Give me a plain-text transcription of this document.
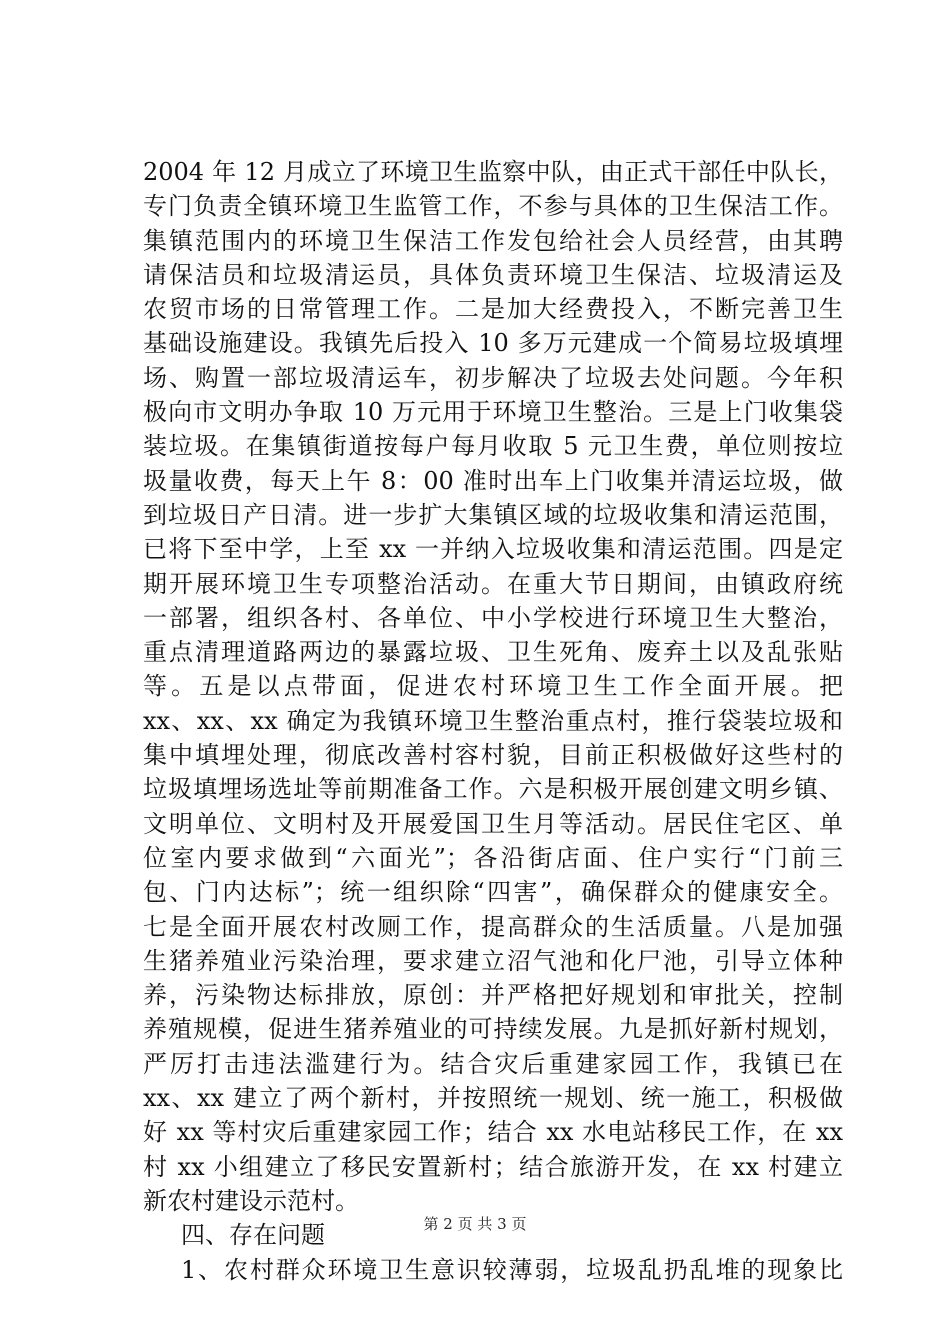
2004 年 12 月成立了环境卫生监察中队，由正式干部任中队长，
专门负责全镇环境卫生监管工作，不参与具体的卫生保洁工作。
集镇范围内的环境卫生保洁工作发包给社会人员经营，由其聘
请保洁员和垃圾清运员，具体负责环境卫生保洁、垃圾清运及
农贸市场的日常管理工作。二是加大经费投入，不断完善卫生
基础设施建设。我镇先后投入 10 多万元建成一个简易垃圾填埋
场、购置一部垃圾清运车，初步解决了垃圾去处问题。今年积
极向市文明办争取 10 万元用于环境卫生整治。三是上门收集袋
装垃圾。在集镇街道按每户每月收取 5 元卫生费，单位则按垃
圾量收费，每天上午 8：00 准时出车上门收集并清运垃圾，做
到垃圾日产日清。进一步扩大集镇区域的垃圾收集和清运范围，
已将下至中学，上至 xx 一并纳入垃圾收集和清运范围。四是定
期开展环境卫生专项整治活动。在重大节日期间，由镇政府统
一部署，组织各村、各单位、中小学校进行环境卫生大整治，
重点清理道路两边的暴露垃圾、卫生死角、废弃土以及乱张贴
等。五是以点带面，促进农村环境卫生工作全面开展。把
xx、xx、xx 确定为我镇环境卫生整治重点村，推行袋装垃圾和
集中填埋处理，彻底改善村容村貌，目前正积极做好这些村的
垃圾填埋场选址等前期准备工作。六是积极开展创建文明乡镇、
文明单位、文明村及开展爱国卫生月等活动。居民住宅区、单
位室内要求做到“六面光”；各沿街店面、住户实行“门前三
包、门内达标”；统一组织除“四害”，确保群众的健康安全。
七是全面开展农村改厕工作，提高群众的生活质量。八是加强
生猪养殖业污染治理，要求建立沼气池和化尸池，引导立体种
养，污染物达标排放，原创：并严格把好规划和审批关，控制
养殖规模，促进生猪养殖业的可持续发展。九是抓好新村规划，
严厉打击违法滥建行为。结合灾后重建家园工作，我镇已在
xx、xx 建立了两个新村，并按照统一规划、统一施工，积极做
好 xx 等村灾后重建家园工作；结合 xx 水电站移民工作，在 xx
村 xx 小组建立了移民安置新村；结合旅游开发，在 xx 村建立
新农村建设示范村。
四、存在问题
1、农村群众环境卫生意识较薄弱，垃圾乱扔乱堆的现象比
第 2 页 共 3 页
